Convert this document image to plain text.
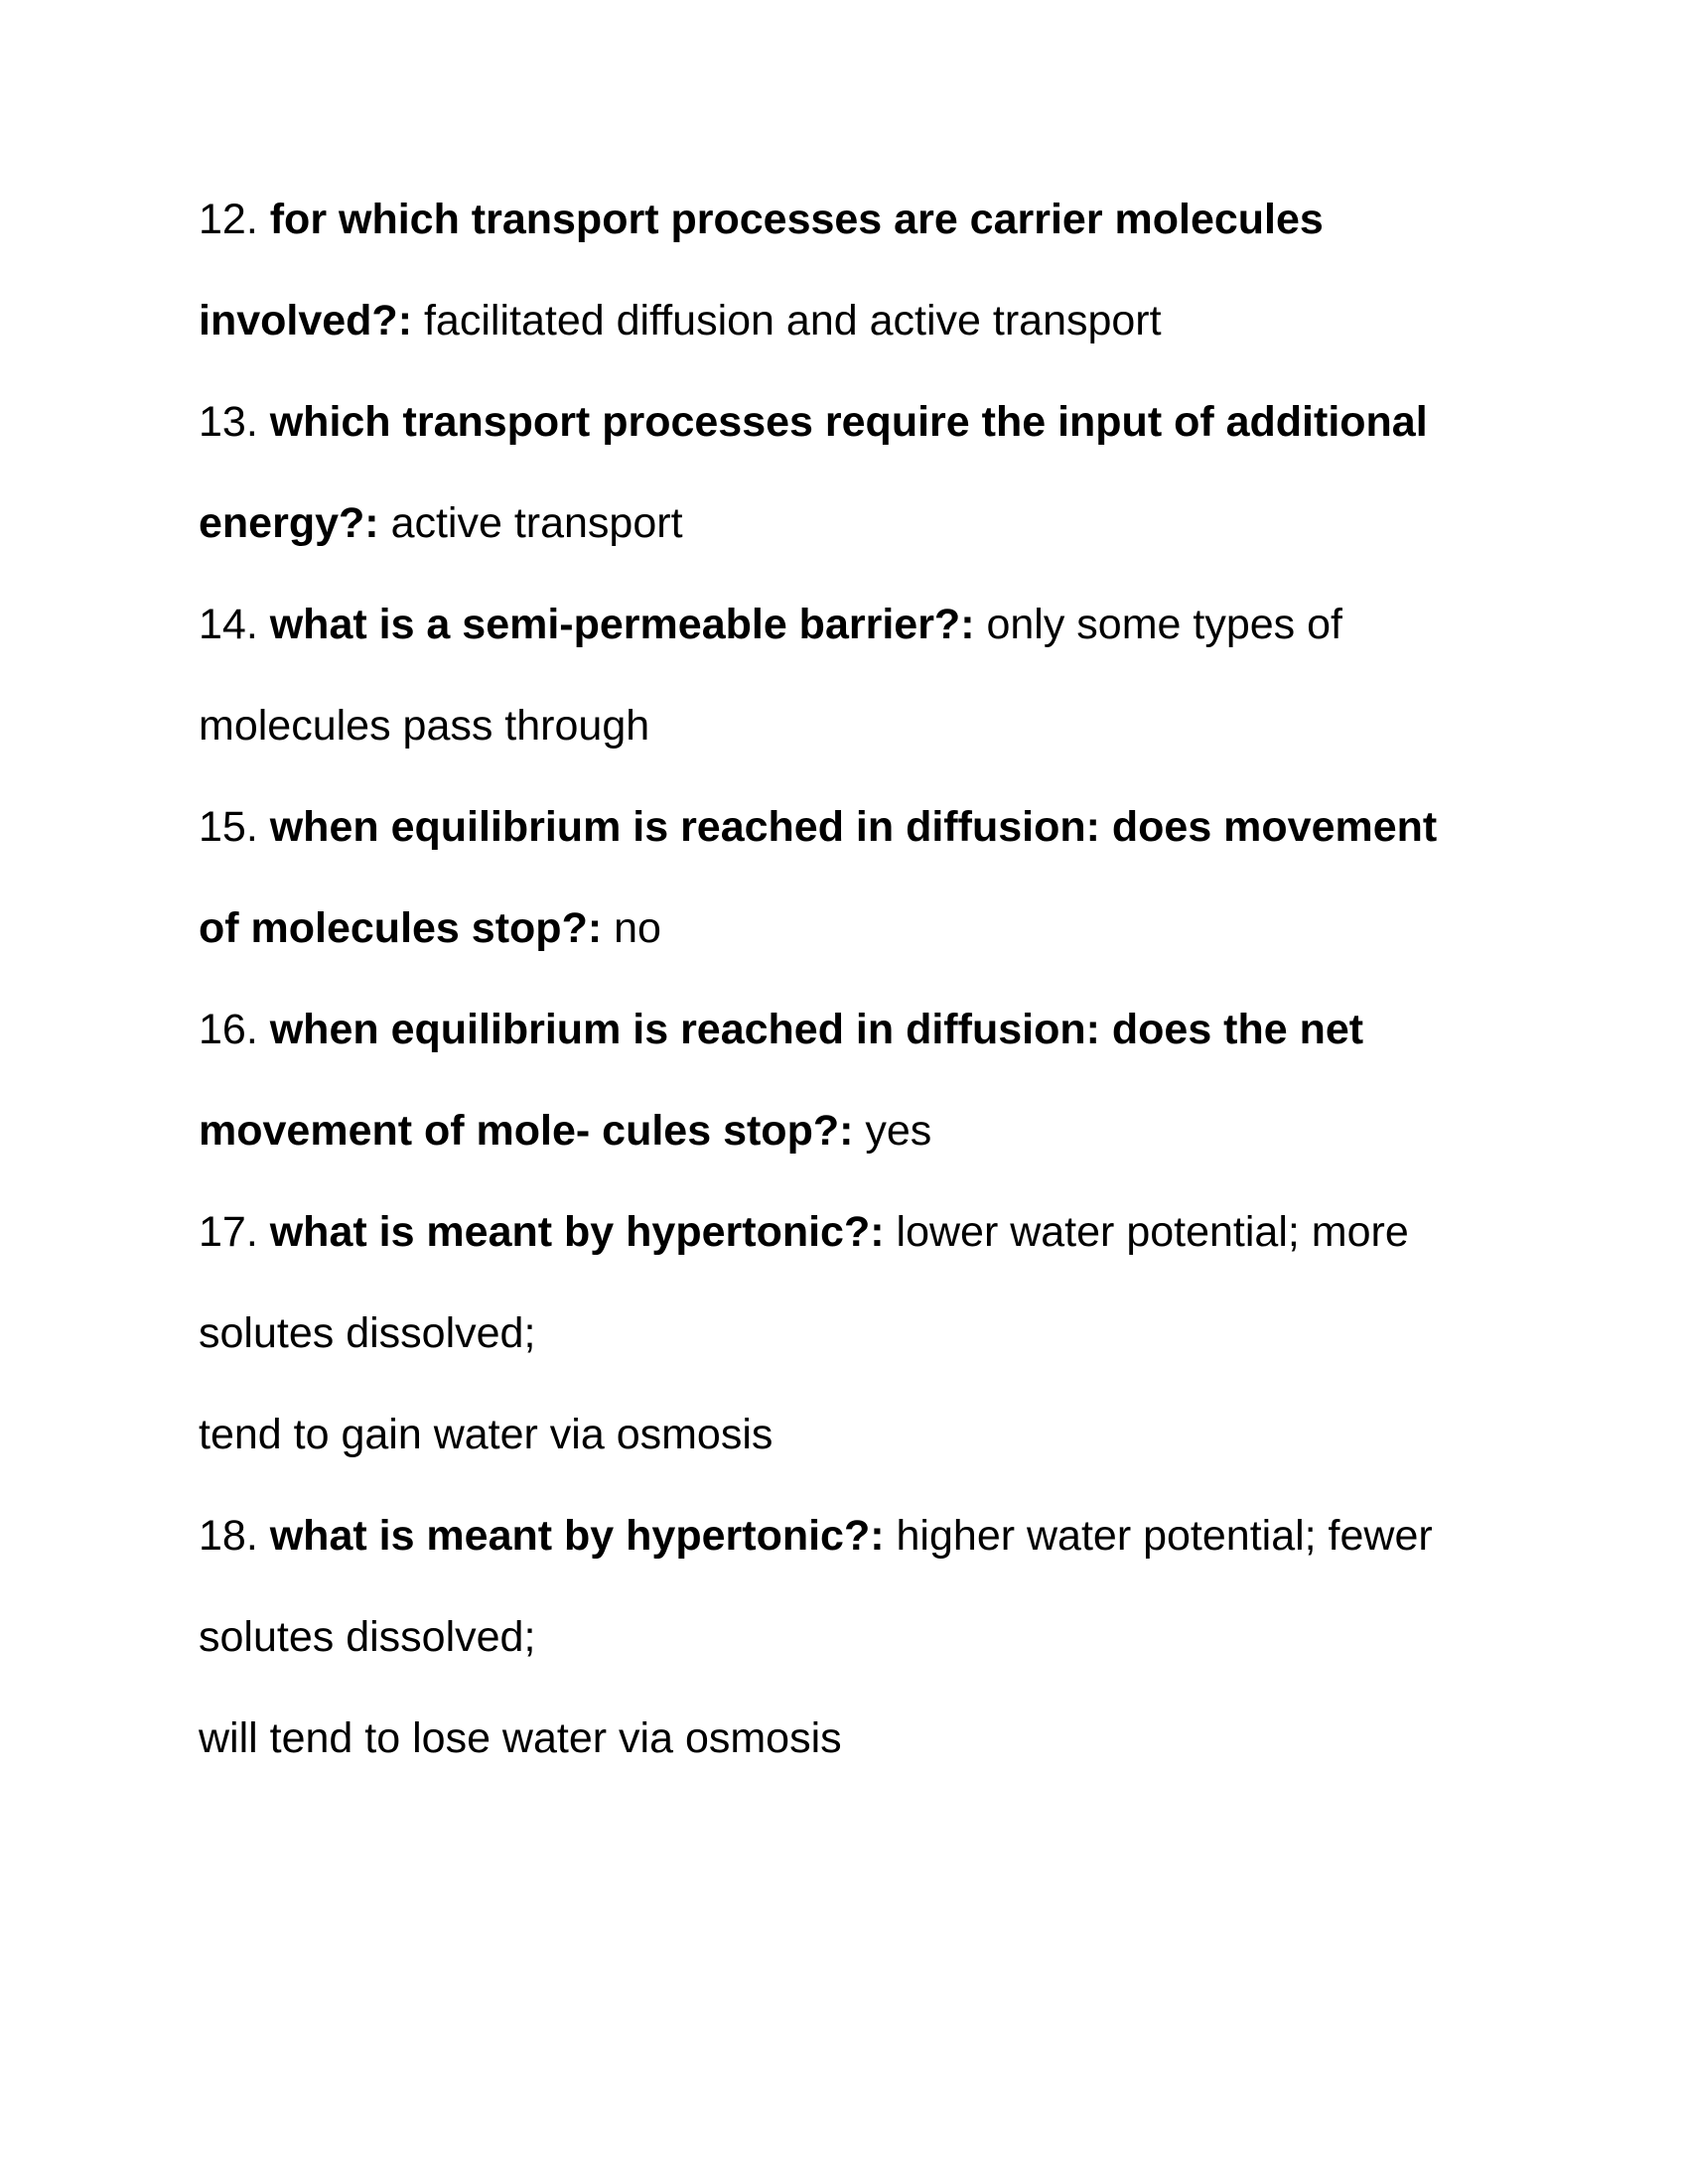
12. for which transport processes are carrier molecules
involved?: facilitated diffusion and active transport
13. which transport processes require the input of additional
energy?: active transport
14. what is a semi-permeable barrier?: only some types of
molecules pass through
15. when equilibrium is reached in diffusion: does movement
of molecules stop?: no
16. when equilibrium is reached in diffusion: does the net
movement of mole- cules stop?: yes
17. what is meant by hypertonic?: lower water potential; more
solutes dissolved;
tend to gain water via osmosis
18. what is meant by hypertonic?: higher water potential; fewer
solutes dissolved;
will tend to lose water via osmosis
